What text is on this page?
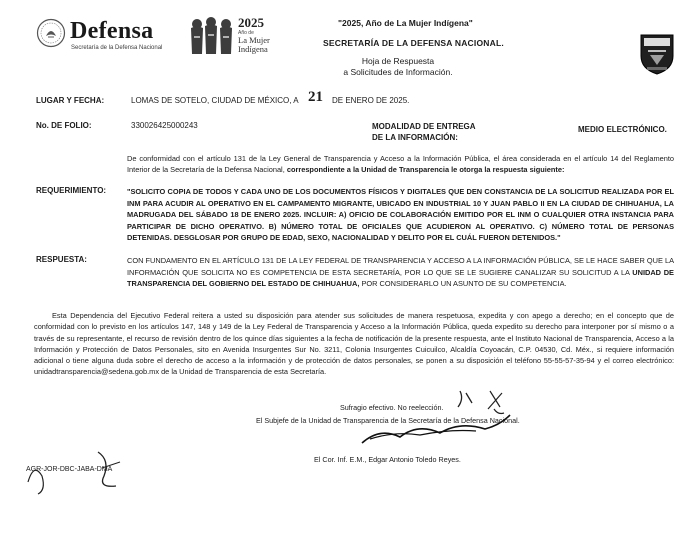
Defensa
Secretaría de la Defensa Nacional
2025
Año de
La Mujer
Indígena
"2025, Año de La Mujer Indígena"
SECRETARÍA DE LA DEFENSA NACIONAL.
Hoja de Respuesta
a Solicitudes de Información.
LUGAR Y FECHA:	LOMAS DE SOTELO, CIUDAD DE MÉXICO, A 21 DE ENERO DE 2025.
No. DE FOLIO:	330026425000243	MODALIDAD DE ENTREGA
DE LA INFORMACIÓN:
MEDIO ELECTRÓNICO.
De conformidad con el artículo 131 de la Ley General de Transparencia y Acceso a la Información Pública, el área considerada en el artículo 14 del Reglamento Interior de la Secretaría de la Defensa Nacional, correspondiente a la Unidad de Transparencia le otorga la respuesta siguiente:
REQUERIMIENTO:	"SOLICITO COPIA DE TODOS Y CADA UNO DE LOS DOCUMENTOS FÍSICOS Y DIGITALES QUE DEN CONSTANCIA DE LA SOLICITUD REALIZADA POR EL INM PARA ACUDIR AL OPERATIVO EN EL CAMPAMENTO MIGRANTE, UBICADO EN INDUSTRIAL 10 Y JUAN PABLO II EN LA CIUDAD DE CHIHUAHUA, LA MADRUGADA DEL SÁBADO 18 DE ENERO 2025. INCLUIR: A) OFICIO DE COLABORACIÓN EMITIDO POR EL INM O CUALQUIER OTRA INSTANCIA PARA PARTICIPAR DE DICHO OPERATIVO. B) NÚMERO TOTAL DE OFICIALES QUE ACUDIERON AL OPERATIVO. C) NÚMERO TOTAL DE PERSONAS DETENIDAS. DESGLOSAR POR GRUPO DE EDAD, SEXO, NACIONALIDAD Y DELITO POR EL CUÁL FUERON DETENIDOS."
RESPUESTA:	CON FUNDAMENTO EN EL ARTÍCULO 131 DE LA LEY FEDERAL DE TRANSPARENCIA Y ACCESO A LA INFORMACIÓN PÚBLICA, SE LE HACE SABER QUE LA INFORMACIÓN QUE SOLICITA NO ES COMPETENCIA DE ESTA SECRETARÍA, POR LO QUE SE LE SUGIERE CANALIZAR SU SOLICITUD A LA UNIDAD DE TRANSPARENCIA DEL GOBIERNO DEL ESTADO DE CHIHUAHUA, POR CONSIDERARLO UN ASUNTO DE SU COMPETENCIA.
Esta Dependencia del Ejecutivo Federal reitera a usted su disposición para atender sus solicitudes de manera respetuosa, expedita y con apego a derecho; en el concepto que de conformidad con lo previsto en los artículos 147, 148 y 149 de la Ley Federal de Transparencia y Acceso a la Información Pública, queda expedito su derecho para interponer por sí mismo o a través de su representante, el recurso de revisión dentro de los quince días siguientes a la fecha de notificación de la presente respuesta, ante el Instituto Nacional de Transparencia, Acceso a la Información y Protección de Datos Personales, sito en Avenida Insurgentes Sur No. 3211, Colonia Insurgentes Cuicuilco, Alcaldía Coyoacán, C.P. 04530, Cd. Méx., si requiere información adicional o tiene alguna duda sobre el derecho de acceso a la información y de protección de datos personales, se ponen a su disposición el teléfono 55-55-57-35-94 y el correo electrónico: unidadtransparencia@sedena.gob.mx de la Unidad de Transparencia de esta Secretaría.
Sufragio efectivo. No reelección.
El Subjefe de la Unidad de Transparencia de la Secretaría de la Defensa Nacional.
El Cor. Inf. E.M., Edgar Antonio Toledo Reyes.
AGR-JOR-DBC-JABA-DMA
